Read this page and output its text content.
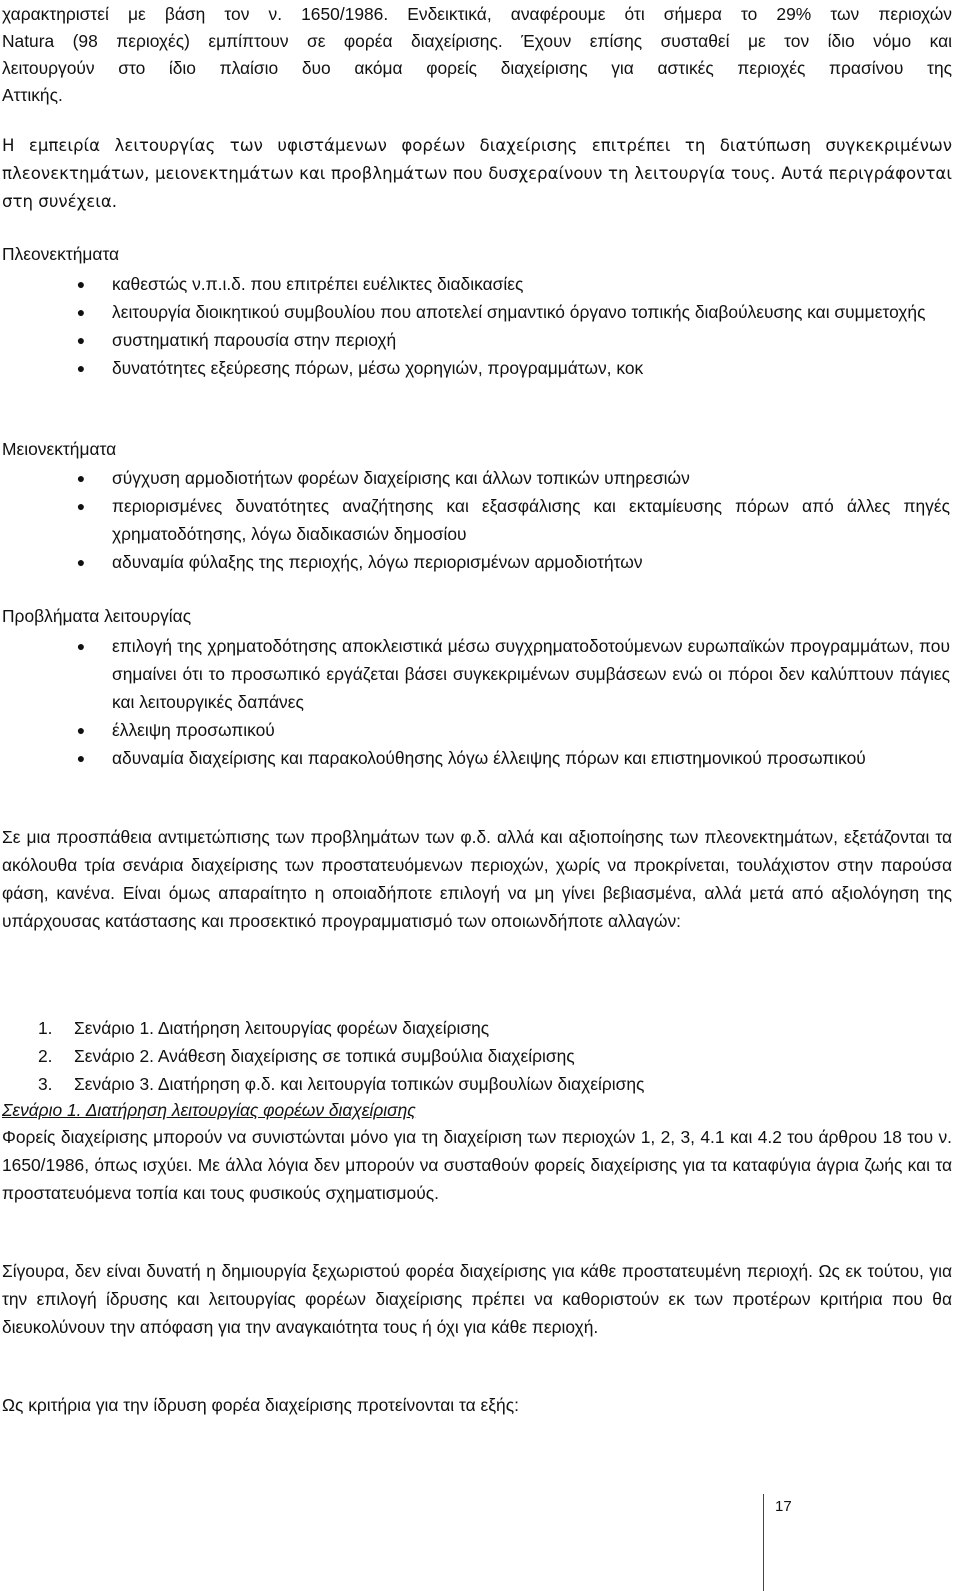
χαρακτηριστεί με βάση τον ν. 1650/1986. Ενδεικτικά, αναφέρουμε ότι σήμερα το 29% των περιοχών

Natura (98 περιοχές) εμπίπτουν σε φορέα διαχείρισης. Έχουν επίσης συσταθεί με τον ίδιο νόμο και

λειτουργούν στο ίδιο πλαίσιο δυο ακόμα φορείς διαχείρισης για αστικές περιοχές πρασίνου της

Αττικής.

Η εμπειρία λειτουργίας των υφιστάμενων φορέων διαχείρισης επιτρέπει τη διατύπωση συγκεκριμένων πλεονεκτημάτων, μειονεκτημάτων και προβλημάτων που δυσχεραίνουν τη λειτουργία τους. Αυτά περιγράφονται στη συνέχεια.

Πλεονεκτήματα

● καθεστώς ν.π.ι.δ. που επιτρέπει ευέλικτες διαδικασίες
● λειτουργία διοικητικού συμβουλίου που αποτελεί σημαντικό όργανο τοπικής διαβούλευσης και συμμετοχής
● συστηματική παρουσία στην περιοχή
● δυνατότητες εξεύρεσης πόρων, μέσω χορηγιών, προγραμμάτων, κοκ

Μειονεκτήματα

● σύγχυση αρμοδιοτήτων φορέων διαχείρισης και άλλων τοπικών υπηρεσιών
● περιορισμένες δυνατότητες αναζήτησης και εξασφάλισης και εκταμίευσης πόρων από άλλες πηγές χρηματοδότησης, λόγω διαδικασιών δημοσίου
● αδυναμία φύλαξης της περιοχής, λόγω περιορισμένων αρμοδιοτήτων

Προβλήματα λειτουργίας

● επιλογή της χρηματοδότησης αποκλειστικά μέσω συγχρηματοδοτούμενων ευρωπαϊκών προγραμμάτων, που σημαίνει ότι το προσωπικό εργάζεται βάσει συγκεκριμένων συμβάσεων ενώ οι πόροι δεν καλύπτουν πάγιες και λειτουργικές δαπάνες
● έλλειψη προσωπικού
● αδυναμία διαχείρισης και παρακολούθησης λόγω έλλειψης πόρων και επιστημονικού προσωπικού

Σε μια προσπάθεια αντιμετώπισης των προβλημάτων των φ.δ. αλλά και αξιοποίησης των πλεονεκτημάτων, εξετάζονται τα ακόλουθα τρία σενάρια διαχείρισης των προστατευόμενων περιοχών, χωρίς να προκρίνεται, τουλάχιστον στην παρούσα φάση, κανένα. Είναι όμως απαραίτητο η οποιαδήποτε επιλογή να μη γίνει βεβιασμένα, αλλά μετά από αξιολόγηση της υπάρχουσας κατάστασης και προσεκτικό προγραμματισμό των οποιωνδήποτε αλλαγών:

1. Σενάριο 1. Διατήρηση λειτουργίας φορέων διαχείρισης
2. Σενάριο 2. Ανάθεση διαχείρισης σε τοπικά συμβούλια διαχείρισης
3. Σενάριο 3. Διατήρηση φ.δ. και λειτουργία τοπικών συμβουλίων διαχείρισης

Σενάριο 1. Διατήρηση λειτουργίας φορέων διαχείρισης

Φορείς διαχείρισης μπορούν να συνιστώνται μόνο για τη διαχείριση των περιοχών 1, 2, 3, 4.1 και 4.2 του άρθρου 18 του ν. 1650/1986, όπως ισχύει. Με άλλα λόγια δεν μπορούν να συσταθούν φορείς διαχείρισης για τα καταφύγια άγρια ζωής και τα προστατευόμενα τοπία και τους φυσικούς σχηματισμούς.

Σίγουρα, δεν είναι δυνατή η δημιουργία ξεχωριστού φορέα διαχείρισης για κάθε προστατευμένη περιοχή. Ως εκ τούτου, για την επιλογή ίδρυσης και λειτουργίας φορέων διαχείρισης πρέπει να καθοριστούν εκ των προτέρων κριτήρια που θα διευκολύνουν την απόφαση για την αναγκαιότητα τους ή όχι για κάθε περιοχή.

Ως κριτήρια για την ίδρυση φορέα διαχείρισης προτείνονται τα εξής:

17
